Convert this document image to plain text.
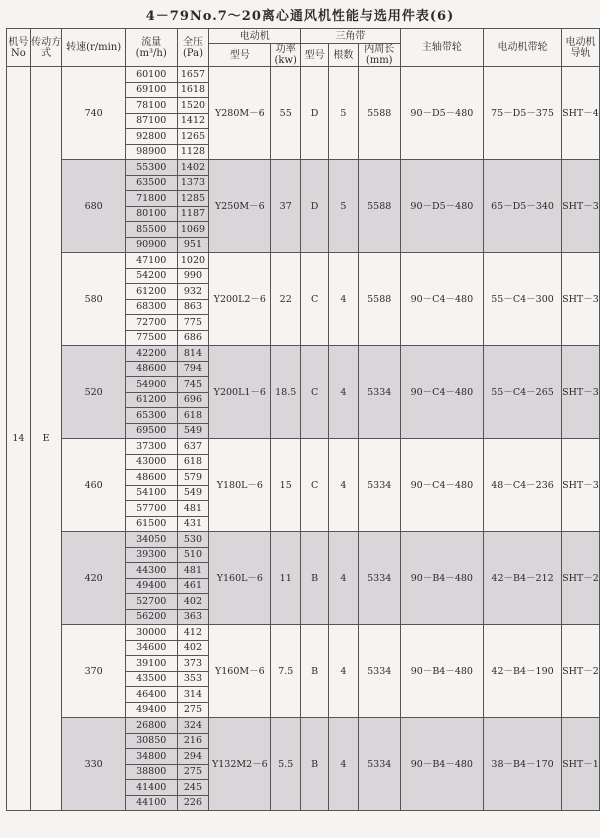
4－79No.7～20离心通风机性能与选用件表(6)
机号No	传动方式	转速(r/min)	流量(m³/h)	全压(Pa)	电动机		三角带			主轴带轮	电动机带轮	电动机导轨
					型号	功率(kw)	型号	根数	内周长(mm)			
14	E	740	60100	1657	Y280M－6	55	D	5	5588	90－D5－480	75－D5－375	SHT－4
			69100	1618								
			78100	1520								
			87100	1412								
			92800	1265								
			98900	1128								
		680	55300	1402	Y250M－6	37	D	5	5588	90－D5－480	65－D5－340	SHT－3
			63500	1373								
			71800	1285								
			80100	1187								
			85500	1069								
			90900	951								
		580	47100	1020	Y200L2－6	22	C	4	5588	90－C4－480	55－C4－300	SHT－3
			54200	990								
			61200	932								
			68300	863								
			72700	775								
			77500	686								
		520	42200	814	Y200L1－6	18.5	C	4	5334	90－C4－480	55－C4－265	SHT－3
			48600	794								
			54900	745								
			61200	696								
			65300	618								
			69500	549								
		460	37300	637	Y180L－6	15	C	4	5334	90－C4－480	48－C4－236	SHT－3
			43000	618								
			48600	579								
			54100	549								
			57700	481								
			61500	431								
		420	34050	530	Y160L－6	11	B	4	5334	90－B4－480	42－B4－212	SHT－2
			39300	510								
			44300	481								
			49400	461								
			52700	402								
			56200	363								
		370	30000	412	Y160M－6	7.5	B	4	5334	90－B4－480	42－B4－190	SHT－2
			34600	402								
			39100	373								
			43500	353								
			46400	314								
			49400	275								
		330	26800	324	Y132M2－6	5.5	B	4	5334	90－B4－480	38－B4－170	SHT－1
			30850	216								
			34800	294								
			38800	275								
			41400	245								
			44100	226								
